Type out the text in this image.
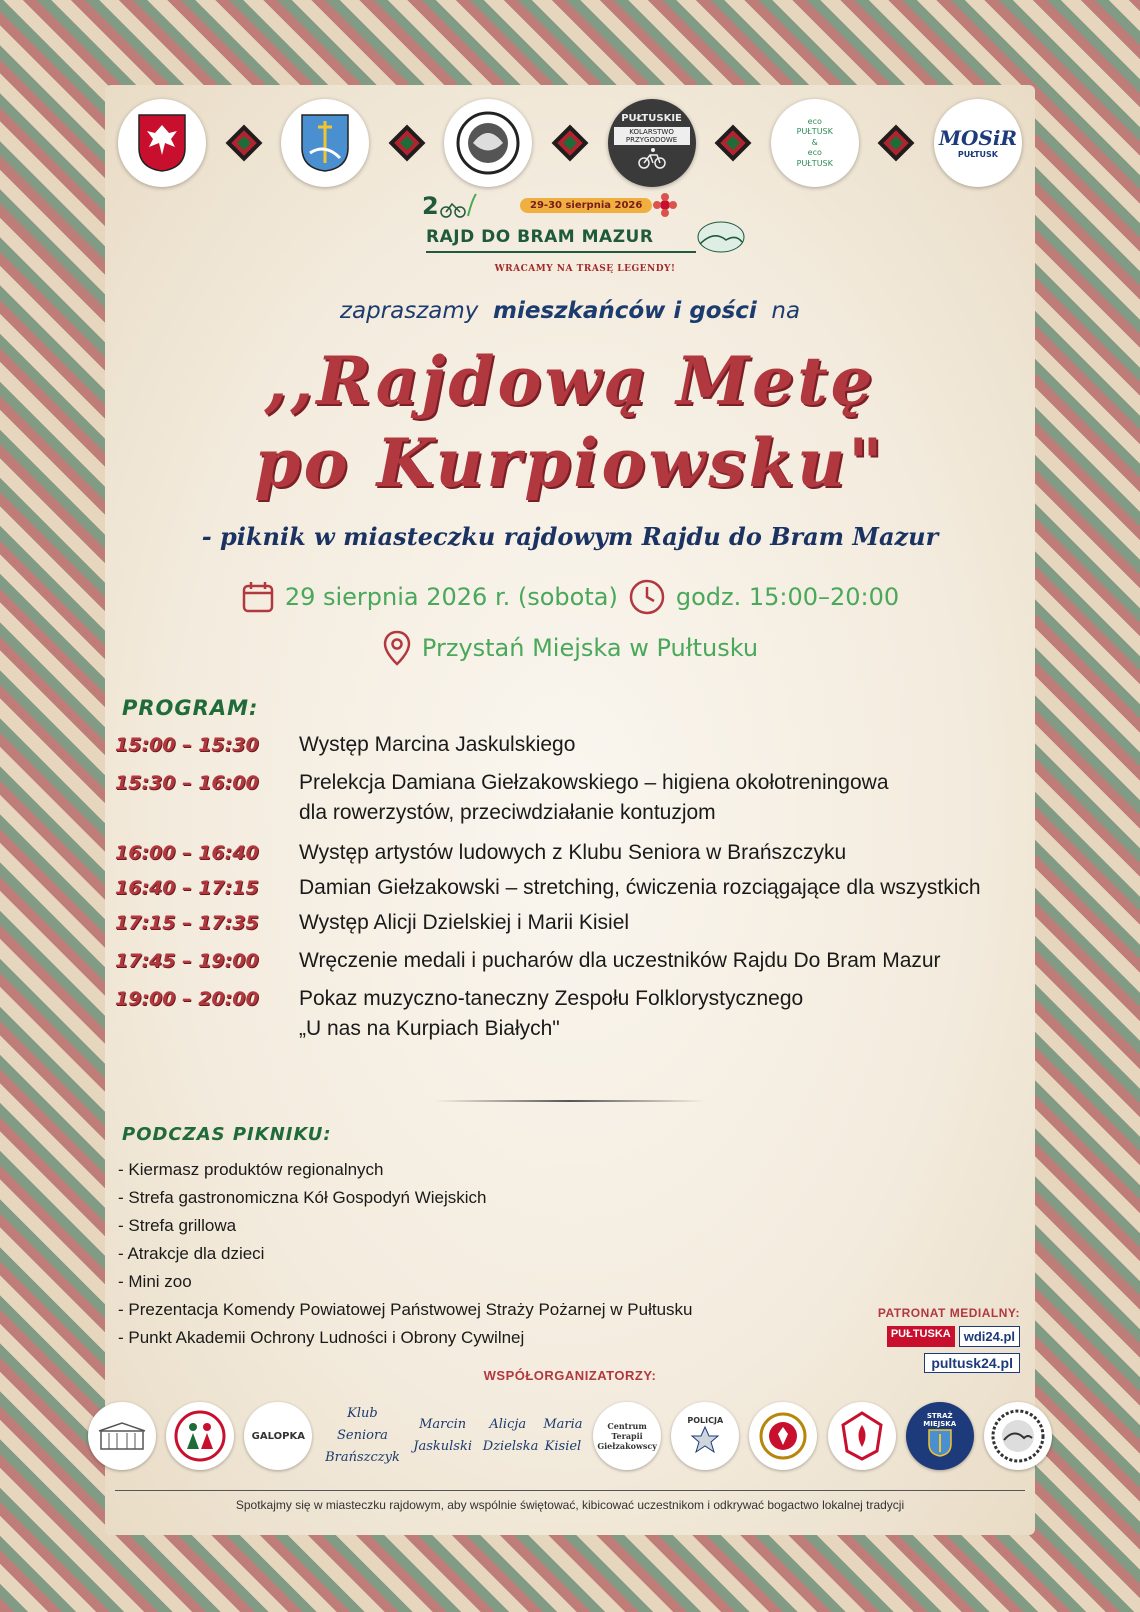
PUŁTUSKIE
KOLARSTWO PRZYGODOWE
eco
PUŁTUSK
&
eco
PUŁTUSK
MOSiR
PUŁTUSK
2	29-30 sierpnia 2026
RAJD DO BRAM MAZUR
WRACAMY NA TRASĘ LEGENDY!
zapraszamy mieszkańców i gości na
,,Rajdową Metę
po Kurpiowsku"
- piknik w miasteczku rajdowym Rajdu do Bram Mazur
29 sierpnia 2026 r. (sobota) godz. 15:00–20:00
Przystań Miejska w Pułtusku
PROGRAM:
15:00 – 15:30	Występ Marcina Jaskulskiego
15:30 – 16:00	Prelekcja Damiana Giełzakowskiego – higiena okołotreningowa
dla rowerzystów, przeciwdziałanie kontuzjom
16:00 – 16:40	Występ artystów ludowych z Klubu Seniora w Brańszczyku
16:40 – 17:15	Damian Giełzakowski – stretching, ćwiczenia rozciągające dla wszystkich
17:15 – 17:35	Występ Alicji Dzielskiej i Marii Kisiel
17:45 – 19:00	Wręczenie medali i pucharów dla uczestników Rajdu Do Bram Mazur
19:00 – 20:00	Pokaz muzyczno-taneczny Zespołu Folklorystycznego
„U nas na Kurpiach Białych"
PODCZAS PIKNIKU:
- Kiermasz produktów regionalnych
- Strefa gastronomiczna Kół Gospodyń Wiejskich
- Strefa grillowa
- Atrakcje dla dzieci
- Mini zoo
- Prezentacja Komendy Powiatowej Państwowej Straży Pożarnej w Pułtusku
- Punkt Akademii Ochrony Ludności i Obrony Cywilnej
PATRONAT MEDIALNY:
PUŁTUSKA	wdi24.pl
pultusk24.pl
WSPÓŁORGANIZATORZY:
GALOPKA
Klub Seniora Brańszczyk
Marcin Jaskulski
Alicja Dzielska
Maria Kisiel
Centrum Terapii Giełzakowscy
POLICJA	STRAŻ MIEJSKA
Spotkajmy się w miasteczku rajdowym, aby wspólnie świętować, kibicować uczestnikom i odkrywać bogactwo lokalnej tradycji
